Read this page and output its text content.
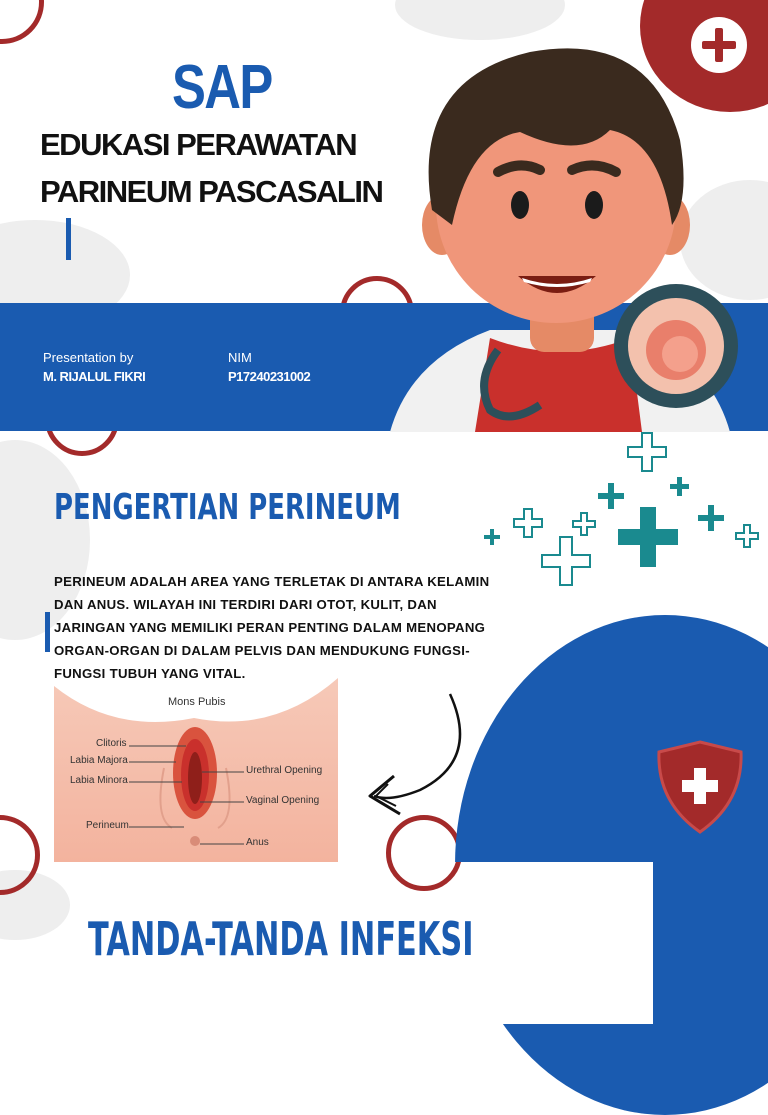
SAP
EDUKASI PERAWATAN
PARINEUM PASCASALIN
Presentation by
M. RIJALUL FIKRI
NIM
P17240231002
PENGERTIAN PERINEUM
PERINEUM ADALAH AREA YANG TERLETAK DI ANTARA KELAMIN DAN ANUS. WILAYAH INI TERDIRI DARI OTOT, KULIT, DAN JARINGAN YANG MEMILIKI PERAN PENTING DALAM MENOPANG ORGAN-ORGAN DI DALAM PELVIS DAN MENDUKUNG FUNGSI-FUNGSI TUBUH YANG VITAL.
Mons Pubis
Clitoris
Labia Majora
Labia Minora
Perineum
Urethral Opening
Vaginal Opening
Anus
TANDA-TANDA INFEKSI
